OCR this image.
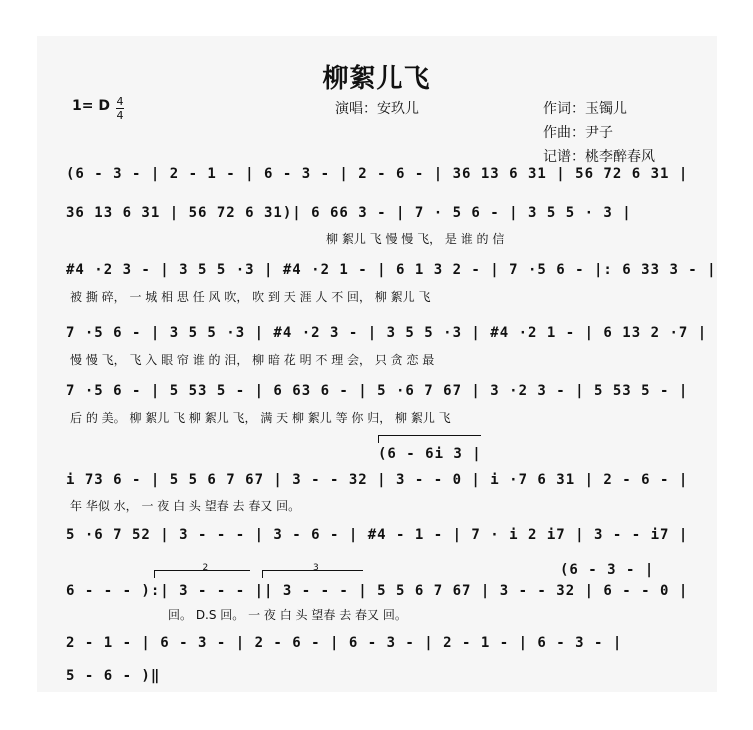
柳絮儿飞
1= D 4
4	演唱：安玖儿	作词：玉镯儿
作曲：尹子
记谱：桃李醉春风
(6 - 3 - | 2 - 1 - | 6 - 3 - | 2 - 6 - | 36 13 6 31 | 56 72 6 31 |
36 13 6 31 | 56 72 6 31)| 6 66 3 - | 7 · 5 6 - | 3 5 5 · 3 |
柳 絮儿 飞 慢 慢 飞， 是 谁 的 信
#4 ·2 3 - | 3 5 5 ·3 | #4 ·2 1 - | 6 1 3 2 - | 7 ·5 6 - |: 6 33 3 - |
被 撕 碎， 一 城 相 思 任 风 吹， 吹 到 天 涯 人 不 回， 柳 絮儿 飞
7 ·5 6 - | 3 5 5 ·3 | #4 ·2 3 - | 3 5 5 ·3 | #4 ·2 1 - | 6 13 2 ·7 |
慢 慢 飞， 飞 入 眼 帘 谁 的 泪， 柳 暗 花 明 不 理 会， 只 贪 恋 最
7 ·5 6 - | 5 53 5 - | 6 63 6 - | 5 ·6 7 67 | 3 ·2 3 - | 5 53 5 - |
后 的 美。 柳 絮儿 飞 柳 絮儿 飞， 满 天 柳 絮儿 等 你 归， 柳 絮儿 飞
(6 - 6i 3 |
i 73 6 - | 5 5 6 7 67 | 3 - - 32 | 3 - - 0 | i ·7 6 31 | 2 - 6 - |
年 华似 水， 一 夜 白 头 望春 去 春又 回。
5 ·6 7 52 | 3 - - - | 3 - 6 - | #4 - 1 - | 7 · i 2 i7 | 3 - - i7 |
2	3	(6 - 3 - |
6 - - - ):| 3 - - - || 3 - - - | 5 5 6 7 67 | 3 - - 32 | 6 - - 0 |
回。 D.S 回。 一 夜 白 头 望春 去 春又 回。
2 - 1 - | 6 - 3 - | 2 - 6 - | 6 - 3 - | 2 - 1 - | 6 - 3 - |
5 - 6 - )‖
